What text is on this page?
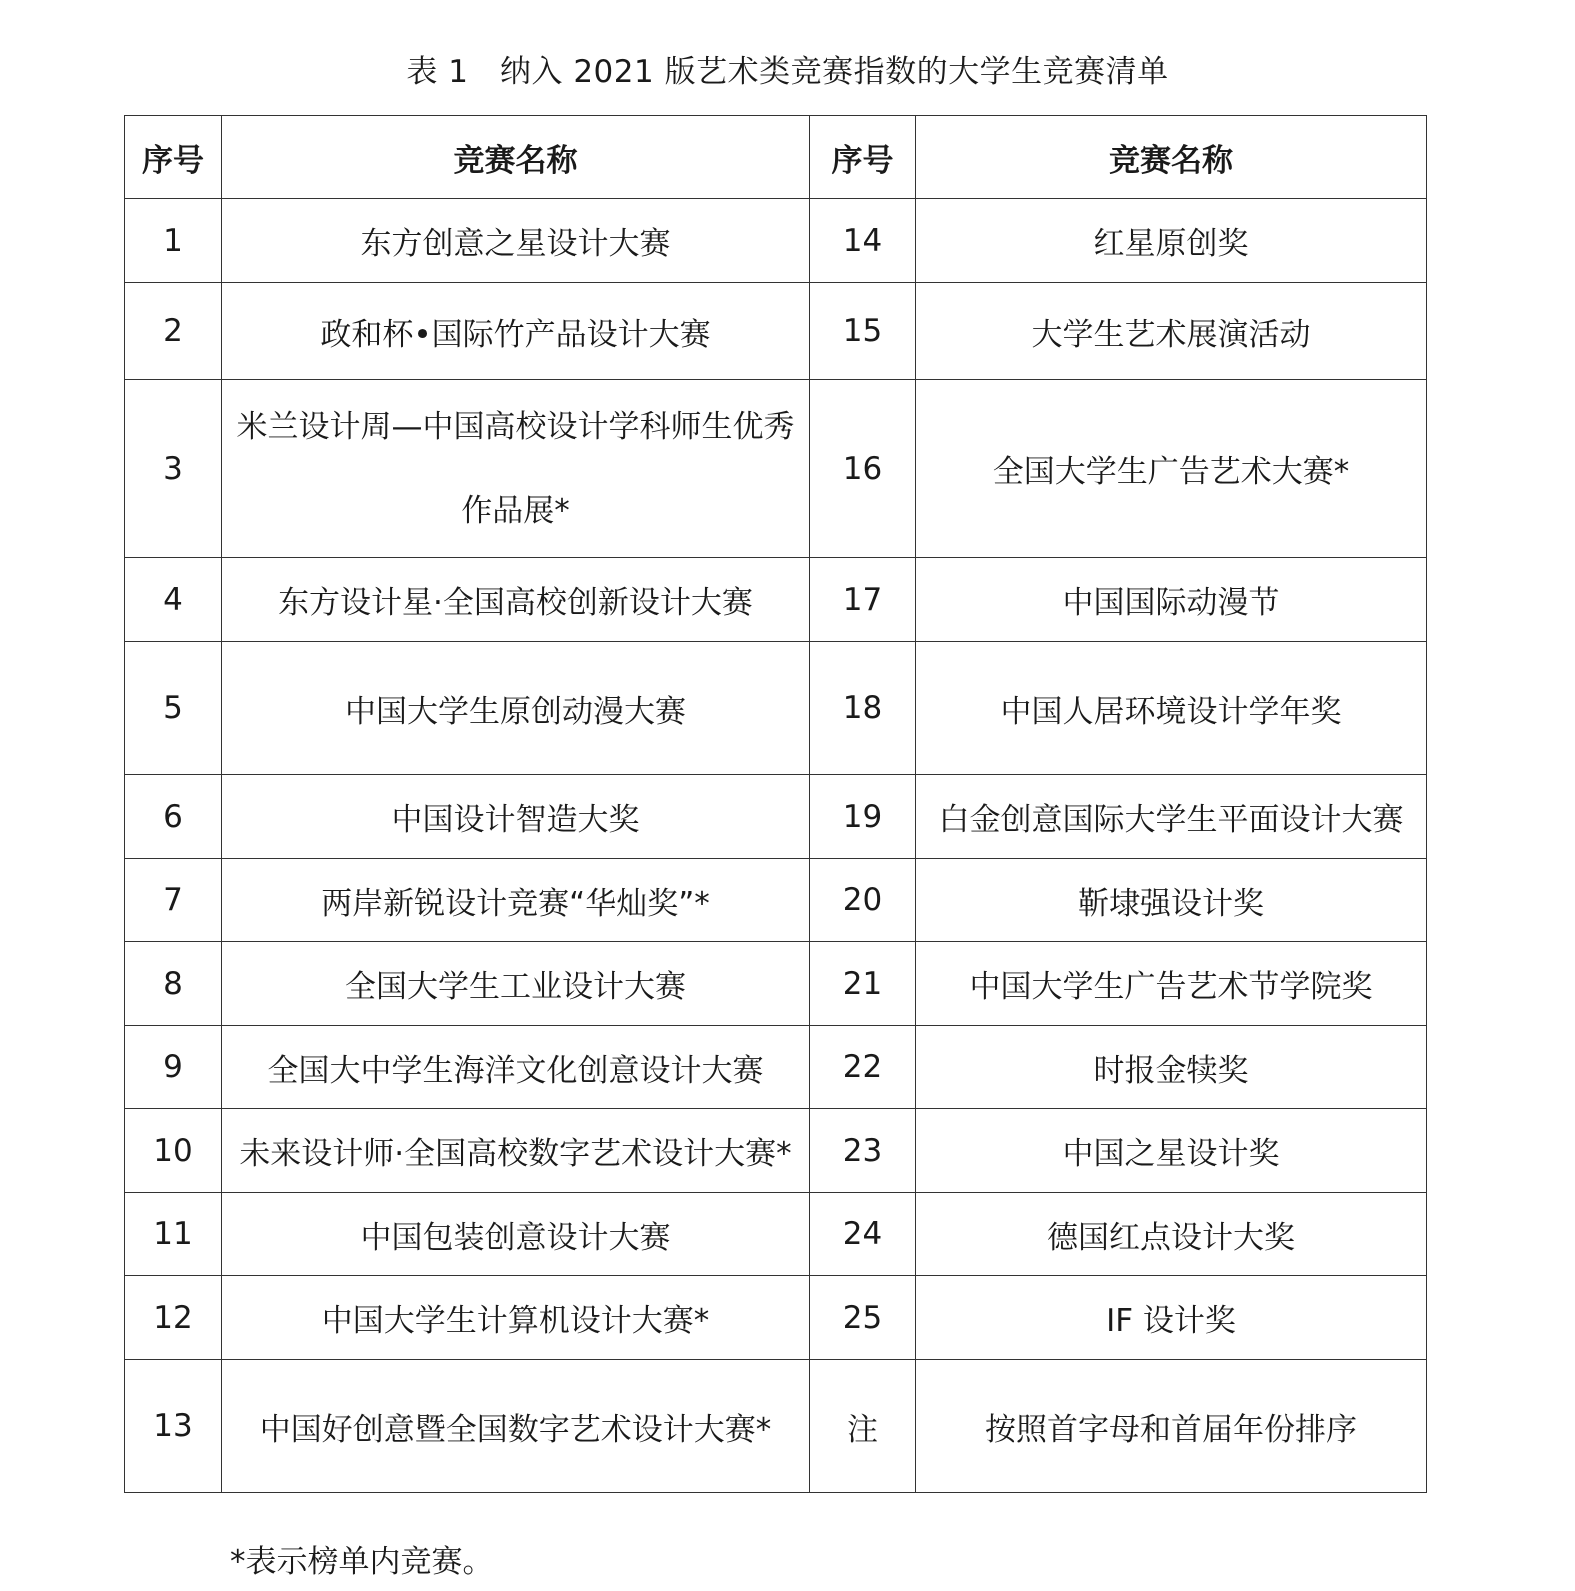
表 1　纳入 2021 版艺术类竞赛指数的大学生竞赛清单
序号	竞赛名称	序号	竞赛名称
1	东方创意之星设计大赛	14	红星原创奖
2	政和杯•国际竹产品设计大赛	15	大学生艺术展演活动
3	米兰设计周—中国高校设计学科师生优秀作品展*	16	全国大学生广告艺术大赛*
4	东方设计星·全国高校创新设计大赛	17	中国国际动漫节
5	中国大学生原创动漫大赛	18	中国人居环境设计学年奖
6	中国设计智造大奖	19	白金创意国际大学生平面设计大赛
7	两岸新锐设计竞赛“华灿奖”*	20	靳埭强设计奖
8	全国大学生工业设计大赛	21	中国大学生广告艺术节学院奖
9	全国大中学生海洋文化创意设计大赛	22	时报金犊奖
10	未来设计师·全国高校数字艺术设计大赛*	23	中国之星设计奖
11	中国包装创意设计大赛	24	德国红点设计大奖
12	中国大学生计算机设计大赛*	25	IF 设计奖
13	中国好创意暨全国数字艺术设计大赛*	注	按照首字母和首届年份排序
*表示榜单内竞赛。
